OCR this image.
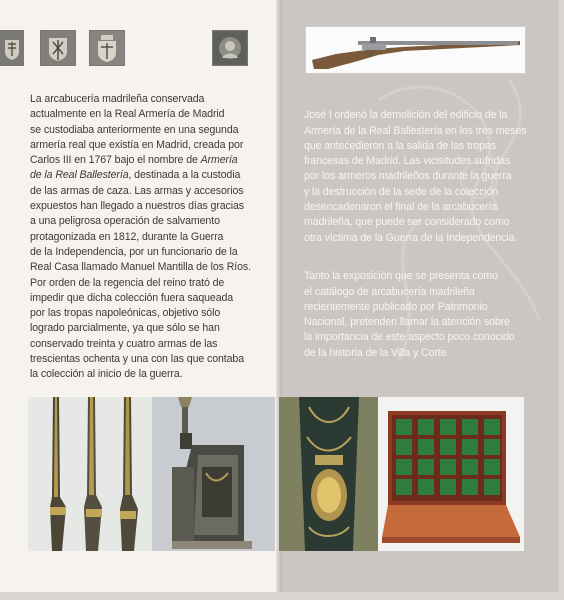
La arcabucería madrileña conservada
actualmente en la Real Armería de Madrid
se custodiaba anteriormente en una segunda
armería real que existía en Madrid, creada por
Carlos III en 1767 bajo el nombre de Armería
de la Real Ballestería, destinada a la custodia
de las armas de caza. Las armas y accesorios
expuestos han llegado a nuestros días gracias
a una peligrosa operación de salvamento
protagonizada en 1812, durante la Guerra
de la Independencia, por un funcionario de la
Real Casa llamado Manuel Mantilla de los Ríos.
Por orden de la regencia del reino trató de
impedir que dicha colección fuera saqueada
por las tropas napoleónicas, objetivo sólo
logrado parcialmente, ya que sólo se han
conservado treinta y cuatro armas de las
trescientas ochenta y una con las que contaba
la colección al inicio de la guerra.

José I ordenó la demolición del edificio de la
Armería de la Real Ballestería en los tres meses
que antecedieron a la salida de las tropas
francesas de Madrid. Las vicisitudes sufridas
por los armeros madrileños durante la guerra
y la destrucción de la sede de la colección
desencadenaron el final de la arcabucería
madrileña, que puede ser considerado como
otra víctima de la Guerra de la Independencia.

Tanto la exposición que se presenta como
el catálogo de arcabucería madrileña
recientemente publicado por Patrimonio
Nacional, pretenden llamar la atención sobre
la importancia de este aspecto poco conocido
de la historia de la Villa y Corte.
